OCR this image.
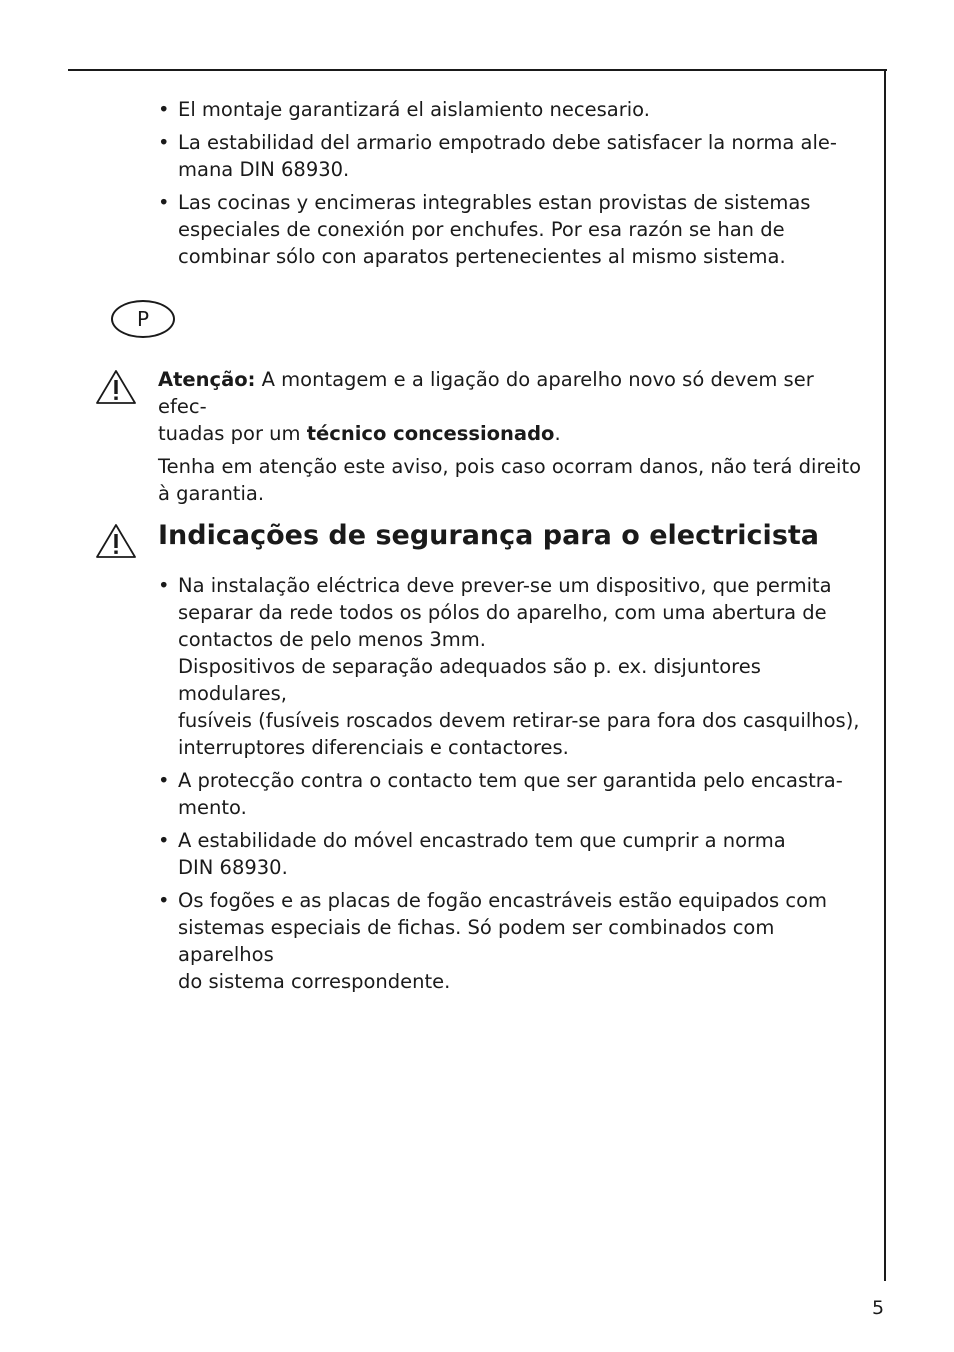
• El montaje garantizará el aislamiento necesario.
• La estabilidad del armario empotrado debe satisfacer la norma ale-
mana DIN 68930.
• Las cocinas y encimeras integrables estan provistas de sistemas
especiales de conexión por enchufes. Por esa razón se han de
combinar sólo con aparatos pertenecientes al mismo sistema.
P

Atenção: A montagem e a ligação do aparelho novo só devem ser efec-
tuadas por um técnico concessionado.

Tenha em atenção este aviso, pois caso ocorram danos, não terá direito
à garantia.

Indicações de segurança para o electricista
• Na instalação eléctrica deve prever-se um dispositivo, que permita
separar da rede todos os pólos do aparelho, com uma abertura de
contactos de pelo menos 3mm.
Dispositivos de separação adequados são p. ex. disjuntores modulares,
fusíveis (fusíveis roscados devem retirar-se para fora dos casquilhos),
interruptores diferenciais e contactores.
• A protecção contra o contacto tem que ser garantida pelo encastra-
mento.
• A estabilidade do móvel encastrado tem que cumprir a norma
DIN 68930.
• Os fogões e as placas de fogão encastráveis estão equipados com
sistemas especiais de fichas. Só podem ser combinados com aparelhos
do sistema correspondente.
5
